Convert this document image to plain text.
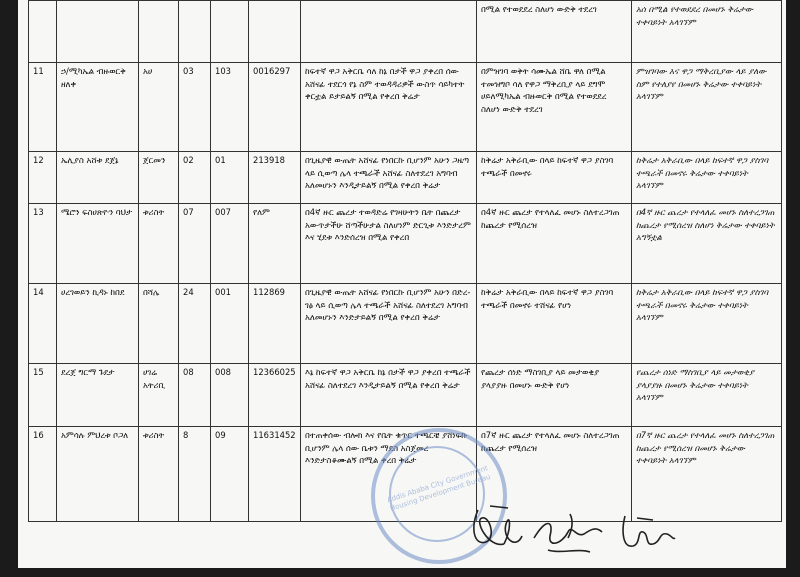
							በሚል የተወደደረ ስለሆነ ውድቅ ተደረገ	አሰ በሚል የተወደደረ በመሆኑ ቅሬታው ተቀባይነት አላገኘም
11	ኃ/ሚካኤል ብዙወርቅ ዘለቀ	አሀ	03	103	0016297	ከፍተኛ ዋጋ አቅርቤ ሳለ ከኔ በታች ዋጋ ያቀረበ ሰው አሸናፊ ተደርጎ የኔ ስም ተወዳዳሪዎች ውስጥ ሳይካተት ቀርቷል ይታይልኝ በሚል የቀረበ ቅሬታ	በምዝገባ ወቅት ሳሙኤል ሸቤ ዋለ በሚል ተመዝግቦ ሳለ የዋጋ ማቅረቢያ ላይ ደግሞ ሀይለሚካኤል ብዙወርቅ በሚል የተወደደረ ስለሆነ ውድቅ ተደረገ	ምዝገባው እና ዋጋ ማቅረቢያው ላይ ያለው ስም የተለያየ በመሆኑ ቅሬታው ተቀባይነት አላገኘም
12	ኤሊያስ አሸቱ ደጀኔ	ጀርመን	02	01	213918	በጊዜያዊ ውጤት አሸናፊ የነበርኩ ቢሆንም አሁን ጋዜጣ ላይ ሲወጣ ሌላ ተጫራች አሸናፊ ስለተደረገ አግባብ አለመሆኑን እንዲታይልኝ በሚል የቀረበ ቅሬታ	ከቅሬታ አቅራቢው በላይ ከፍተኛ ዋጋ ያስገባ ተጫራች በመኖሩ	ከቅሬታ አቅራቢው በላይ ከፍተኛ ዋጋ ያስገባ ተጫራች በመኖሩ ቅሬታው ተቀባይነት አላገኘም
13	ሜሮን ፍስሀጽዮን ባህታ	ቱሪስት	07	007	የለም	በ4ኛ ዙር ጨረታ ተወዳድሬ የገዛሁትን ቤት በጨረታ አውጥታችሁ ሸጣችሁታል ስለሆነም ድርጊቱ እንድታረም እና ሂደቱ እንድሰረዝ በሚል የቀረበ	በ4ኛ ዙር ጨረታ የተላለፈ መሆኑ ስለተረጋገጠ ከጨረታ የሚሰረዝ	በ4ኛ ዙር ጨረታ የተላለፈ መሆኑ ስለተረጋገጠ ከጨረታ የሚሰረዝ ስለሆነ ቅሬታው ተቀባይነት አግኝቷል
14	ሀረገወይን ኪዳኑ ከበደ	በሻሌ	24	001	112869	በጊዜያዊ ውጤት አሸናፊ የነበርኩ ቢሆንም አሁን በድረ-ገፅ ላይ ሲወጣ ሌላ ተጫራች አሸናፊ ስለተደረገ አግባብ አለመሆኑን እንድታይልኝ በሚል የቀረበ ቅሬታ	ከቅሬታ አቅራቢው በላይ ከፍተኛ ዋጋ ያስገባ ተጫራች በመኖሩ ተሸናፊ የሆነ	ከቅሬታ አቅራቢው በላይ ከፍተኛ ዋጋ ያስገባ ተጫራች በመኖሩ ቅሬታው ተቀባይነት አላገኘም
15	ደረጀ ግርማ ጉደታ	ሀገሬ አትሪቢ	08	008	12366025	እኔ ከፍተኛ ዋጋ አቅርቤ ከኔ በታች ዋጋ ያቀረበ ተጫራች አሸናፊ ስለተደረገ እንዲታይልኝ በሚል የቀረበ ቅሬታ	የጨረታ ሰነድ ማስገቢያ ላይ መታወቂያ ያላያያዙ በመሆኑ ውድቅ የሆነ	የጨረታ ሰነድ ማስገቢያ ላይ መታወቂያ ያላያያዙ በመሆኑ ቅሬታው ተቀባይነት አላገኘም
16	አምሳሉ ምህረቱ ቦጋለ	ቱሪስት	8	09	11631452	በተጠቀሰው ብሎክ እና የቤት ቁጥር ተጫርቼ ያሸነፍኩ ቢሆንም ሌላ ሰው ቤቱን ማደስ አስጀመረ እንድታስቆሙልኝ በሚል ቀረበ ቅሬታ	በ7ኛ ዙር ጨረታ የተላለፈ መሆኑ ስለተረጋገጠ ከጨረታ የሚሰረዝ	በ7ኛ ዙር ጨረታ የተላለፈ መሆኑ ስለተረጋገጠ ከጨረታ የሚሰረዝ በመሆኑ ቅሬታው ተቀባይነት አላገኘም
Addis Ababa City Government Housing Development Bureau
